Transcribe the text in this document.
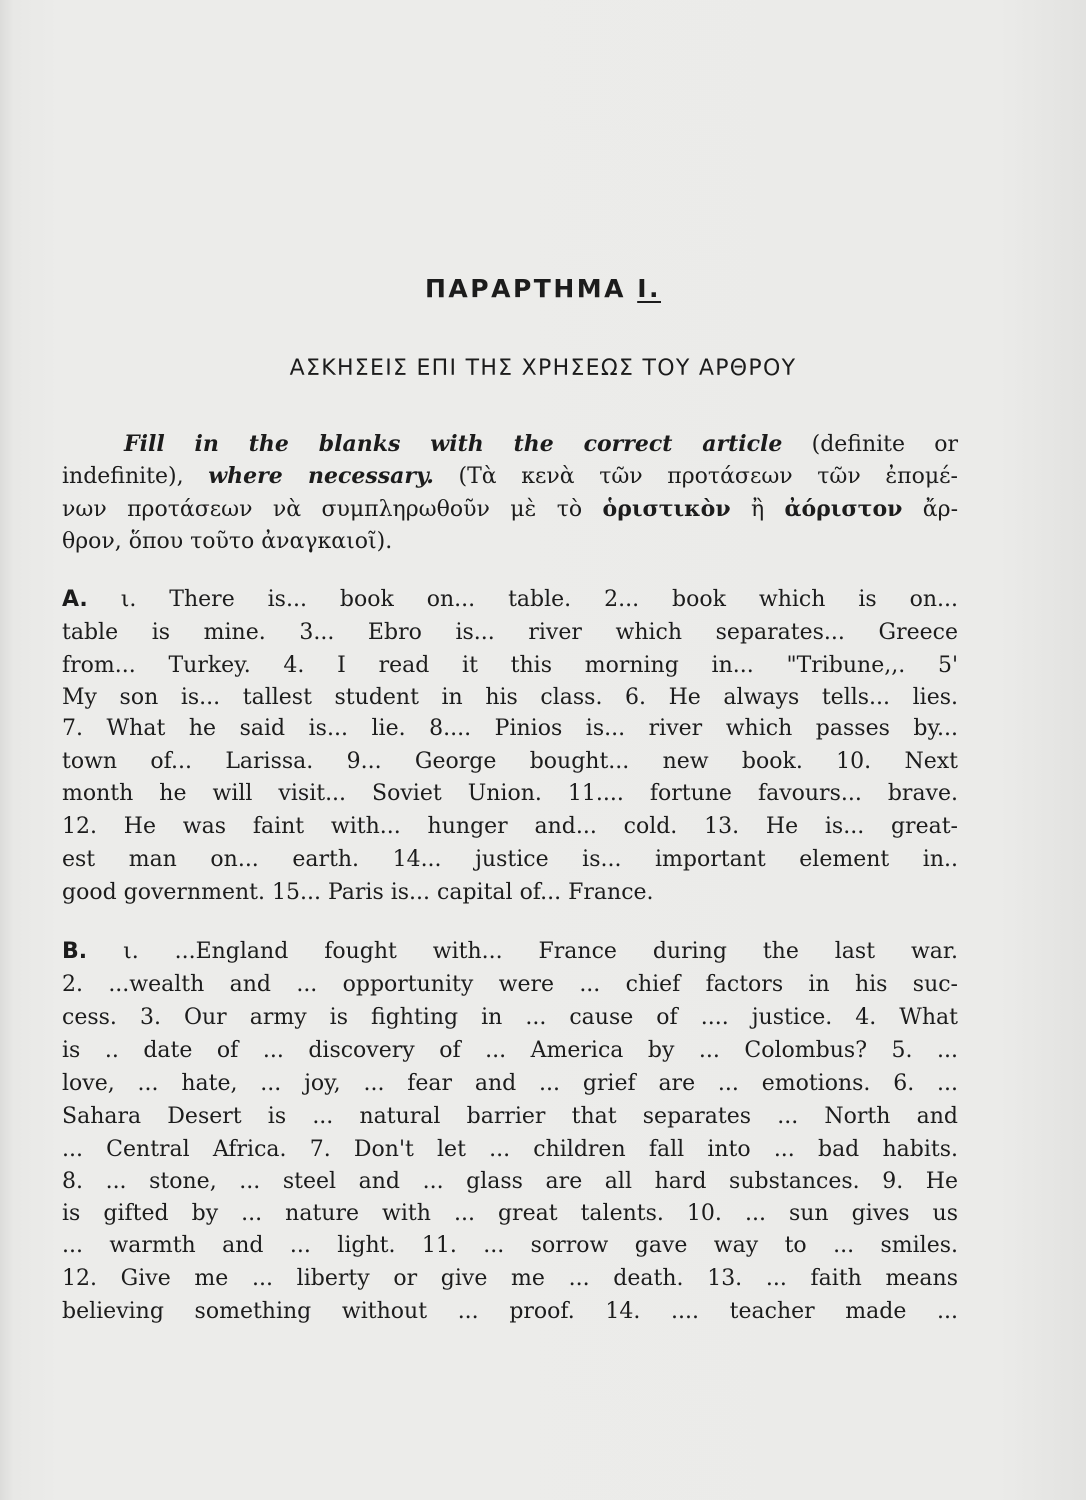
ΠΑΡΑΡΤΗΜΑ I.
ΑΣΚΗΣΕΙΣ ΕΠΙ ΤΗΣ ΧΡΗΣΕΩΣ ΤΟΥ ΑΡΘΡΟΥ
Fill in the blanks with the correct article (definite or
indefinite), where necessary. (Τὰ κενὰ τῶν προτάσεων τῶν ἐπομέ-
νων προτάσεων νὰ συμπληρωθοῦν μὲ τὸ ὁριστικὸν ἢ ἀόριστον ἄρ-
θρον, ὅπου τοῦτο ἀναγκαιοῖ).
A. ι. There is... book on... table. 2... book which is on...
table is mine. 3... Ebro is... river which separates... Greece
from... Turkey. 4. I read it this morning in... "Tribune,,. 5'
My son is... tallest student in his class. 6. He always tells... lies.
7. What he said is... lie. 8.... Pinios is... river which passes by...
town of... Larissa. 9... George bought... new book. 10. Next
month he will visit... Soviet Union. 11.... fortune favours... brave.
12. He was faint with... hunger and... cold. 13. He is... great-
est man on... earth. 14... justice is... important element in..
good government. 15... Paris is... capital of... France.
B. ι. ...England fought with... France during the last war.
2. ...wealth and ... opportunity were ... chief factors in his suc-
cess. 3. Our army is fighting in ... cause of .... justice. 4. What
is .. date of ... discovery of ... America by ... Colombus? 5. ...
love, ... hate, ... joy, ... fear and ... grief are ... emotions. 6. ...
Sahara Desert is ... natural barrier that separates ... North and
... Central Africa. 7. Don't let ... children fall into ... bad habits.
8. ... stone, ... steel and ... glass are all hard substances. 9. He
is gifted by ... nature with ... great talents. 10. ... sun gives us
... warmth and ... light. 11. ... sorrow gave way to ... smiles.
12. Give me ... liberty or give me ... death. 13. ... faith means
believing something without ... proof. 14. .... teacher made ...
